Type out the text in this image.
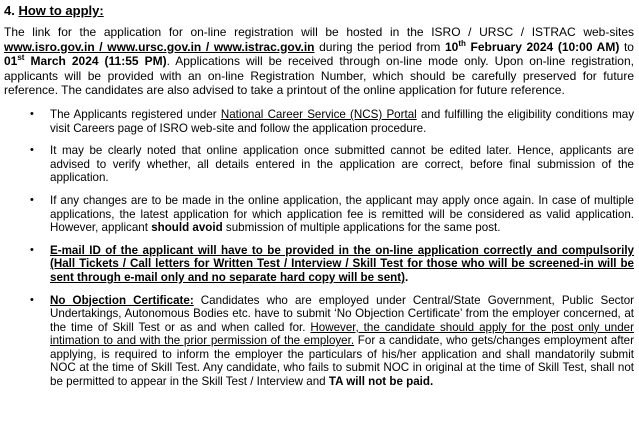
4. How to apply:

The link for the application for on-line registration will be hosted in the ISRO / URSC / ISTRAC web-sites www.isro.gov.in / www.ursc.gov.in / www.istrac.gov.in during the period from 10th February 2024 (10:00 AM) to 01st March 2024 (11:55 PM). Applications will be received through on-line mode only. Upon on-line registration, applicants will be provided with an on-line Registration Number, which should be carefully preserved for future reference. The candidates are also advised to take a printout of the online application for future reference.

• The Applicants registered under National Career Service (NCS) Portal and fulfilling the eligibility conditions may visit Careers page of ISRO web-site and follow the application procedure.
• It may be clearly noted that online application once submitted cannot be edited later. Hence, applicants are advised to verify whether, all details entered in the application are correct, before final submission of the application.
• If any changes are to be made in the online application, the applicant may apply once again. In case of multiple applications, the latest application for which application fee is remitted will be considered as valid application. However, applicant should avoid submission of multiple applications for the same post.
• E-mail ID of the applicant will have to be provided in the on-line application correctly and compulsorily (Hall Tickets / Call letters for Written Test / Interview / Skill Test for those who will be screened-in will be sent through e-mail only and no separate hard copy will be sent).
• No Objection Certificate: Candidates who are employed under Central/State Government, Public Sector Undertakings, Autonomous Bodies etc. have to submit ‘No Objection Certificate’ from the employer concerned, at the time of Skill Test or as and when called for. However, the candidate should apply for the post only under intimation to and with the prior permission of the employer. For a candidate, who gets/changes employment after applying, is required to inform the employer the particulars of his/her application and shall mandatorily submit NOC at the time of Skill Test. Any candidate, who fails to submit NOC in original at the time of Skill Test, shall not be permitted to appear in the Skill Test / Interview and TA will not be paid.
